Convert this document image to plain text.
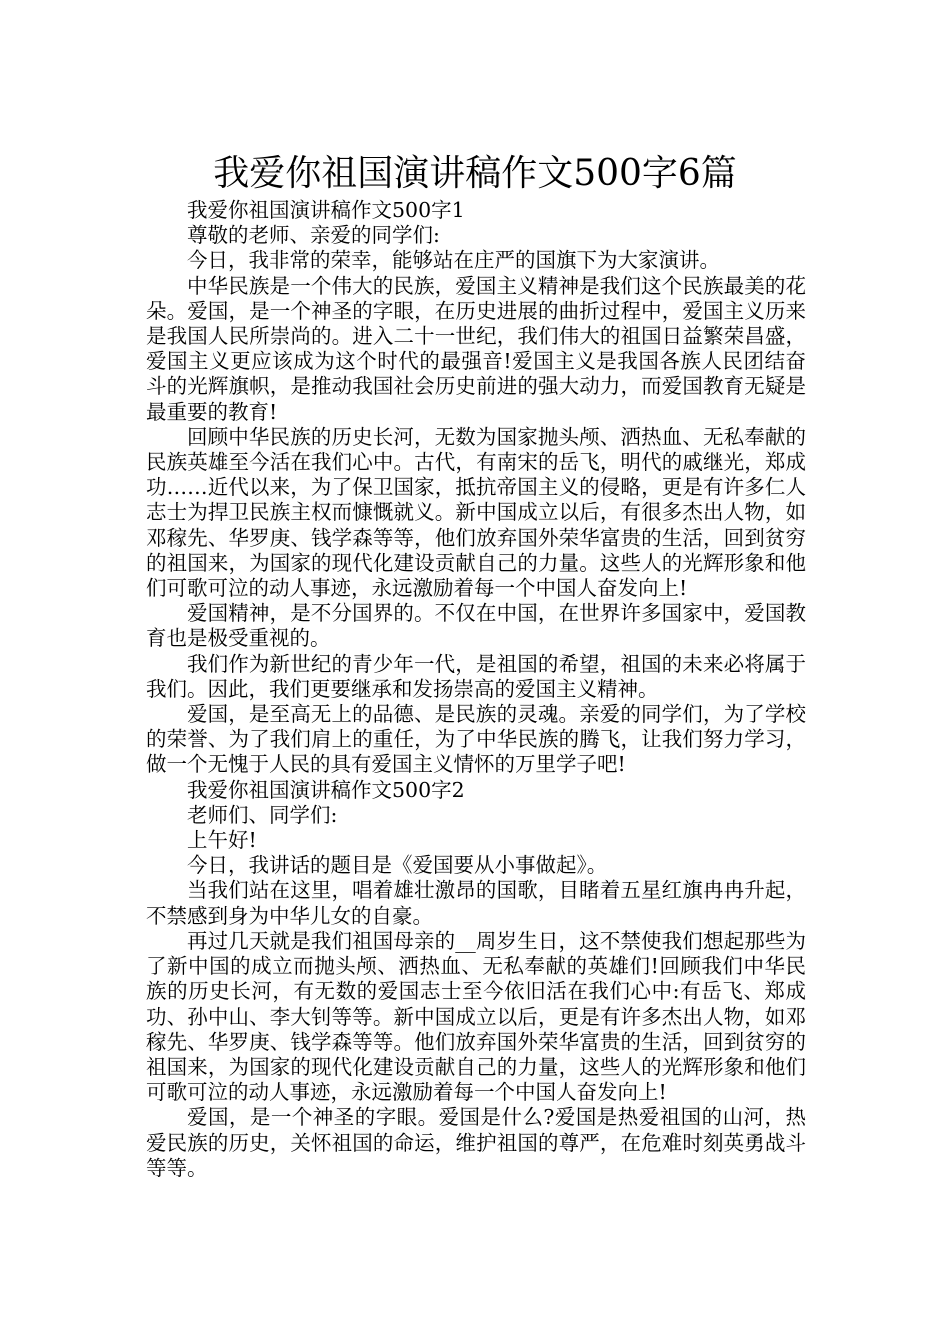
我爱你祖国演讲稿作文500字6篇

我爱你祖国演讲稿作文500字1

尊敬的老师、亲爱的同学们:

今日，我非常的荣幸，能够站在庄严的国旗下为大家演讲。

中华民族是一个伟大的民族，爱国主义精神是我们这个民族最美的花朵。爱国，是一个神圣的字眼，在历史进展的曲折过程中，爱国主义历来是我国人民所崇尚的。进入二十一世纪，我们伟大的祖国日益繁荣昌盛，爱国主义更应该成为这个时代的最强音!爱国主义是我国各族人民团结奋斗的光辉旗帜，是推动我国社会历史前进的强大动力，而爱国教育无疑是最重要的教育!

回顾中华民族的历史长河，无数为国家抛头颅、洒热血、无私奉献的民族英雄至今活在我们心中。古代，有南宋的岳飞，明代的戚继光，郑成功……近代以来，为了保卫国家，抵抗帝国主义的侵略，更是有许多仁人志士为捍卫民族主权而慷慨就义。新中国成立以后，有很多杰出人物，如邓稼先、华罗庚、钱学森等等，他们放弃国外荣华富贵的生活，回到贫穷的祖国来，为国家的现代化建设贡献自己的力量。这些人的光辉形象和他们可歌可泣的动人事迹，永远激励着每一个中国人奋发向上!

爱国精神，是不分国界的。不仅在中国，在世界许多国家中，爱国教育也是极受重视的。

我们作为新世纪的青少年一代，是祖国的希望，祖国的未来必将属于我们。因此，我们更要继承和发扬崇高的爱国主义精神。

爱国，是至高无上的品德、是民族的灵魂。亲爱的同学们，为了学校的荣誉、为了我们肩上的重任，为了中华民族的腾飞，让我们努力学习，做一个无愧于人民的具有爱国主义情怀的万里学子吧!

我爱你祖国演讲稿作文500字2

老师们、同学们:

上午好!

今日，我讲话的题目是《爱国要从小事做起》。

当我们站在这里，唱着雄壮激昂的国歌，目睹着五星红旗冉冉升起，不禁感到身为中华儿女的自豪。

再过几天就是我们祖国母亲的__周岁生日，这不禁使我们想起那些为了新中国的成立而抛头颅、洒热血、无私奉献的英雄们!回顾我们中华民族的历史长河，有无数的爱国志士至今依旧活在我们心中:有岳飞、郑成功、孙中山、李大钊等等。新中国成立以后，更是有许多杰出人物，如邓稼先、华罗庚、钱学森等等。他们放弃国外荣华富贵的生活，回到贫穷的祖国来，为国家的现代化建设贡献自己的力量，这些人的光辉形象和他们可歌可泣的动人事迹，永远激励着每一个中国人奋发向上!

爱国，是一个神圣的字眼。爱国是什么?爱国是热爱祖国的山河，热爱民族的历史，关怀祖国的命运，维护祖国的尊严，在危难时刻英勇战斗等等。
